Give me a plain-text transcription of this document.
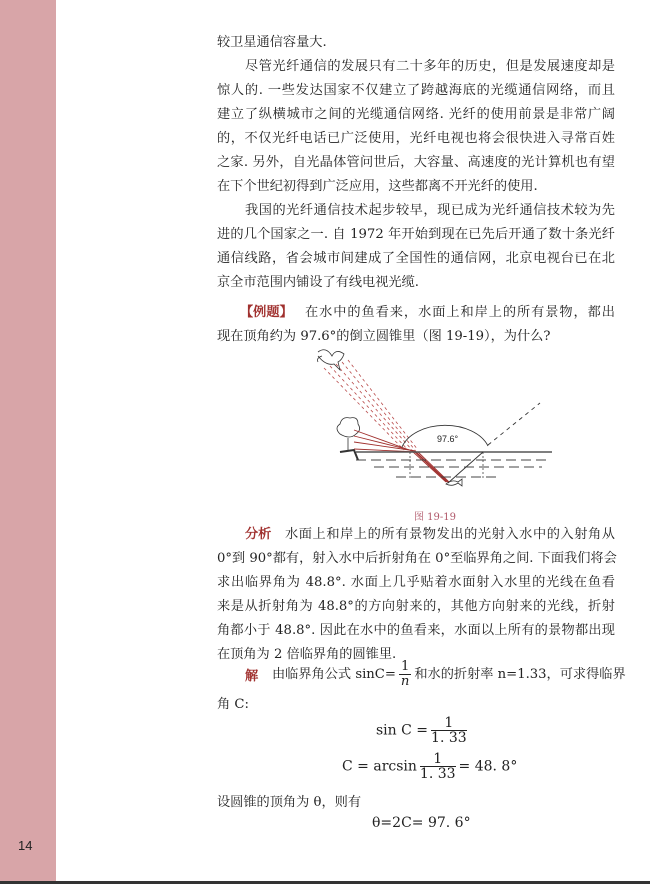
14
较卫星通信容量大.
尽管光纤通信的发展只有二十多年的历史，但是发展速度却是
惊人的. 一些发达国家不仅建立了跨越海底的光缆通信网络，而且
建立了纵横城市之间的光缆通信网络. 光纤的使用前景是非常广阔
的，不仅光纤电话已广泛使用，光纤电视也将会很快进入寻常百姓
之家. 另外，自光晶体管问世后，大容量、高速度的光计算机也有望
在下个世纪初得到广泛应用，这些都离不开光纤的使用.
我国的光纤通信技术起步较早，现已成为光纤通信技术较为先
进的几个国家之一. 自 1972 年开始到现在已先后开通了数十条光纤
通信线路，省会城市间建成了全国性的通信网，北京电视台已在北
京全市范围内铺设了有线电视光缆.
【例题】 在水中的鱼看来，水面上和岸上的所有景物，都出
现在顶角约为 97.6°的倒立圆锥里（图 19-19），为什么?
97.6°
图 19-19
分析	水面上和岸上的所有景物发出的光射入水中的入射角从
0°到 90°都有，射入水中后折射角在 0°至临界角之间. 下面我们将会
求出临界角为 48.8°. 水面上几乎贴着水面射入水里的光线在鱼看
来是从折射角为 48.8°的方向射来的，其他方向射来的光线，折射
角都小于 48.8°. 因此在水中的鱼看来，水面以上所有的景物都出现
在顶角为 2 倍临界角的圆锥里.
解	由临界角公式 $\sin C= \frac{1}{n}$ 和水的折射率 n=1.33，可求得临界
角 C:
$\sin C = \frac{1}{1. 33}$
$C = \arcsin \frac{1}{1. 33} = 48$. 8°
设圆锥的顶角为 θ，则有
θ=2C= 97. 6°
